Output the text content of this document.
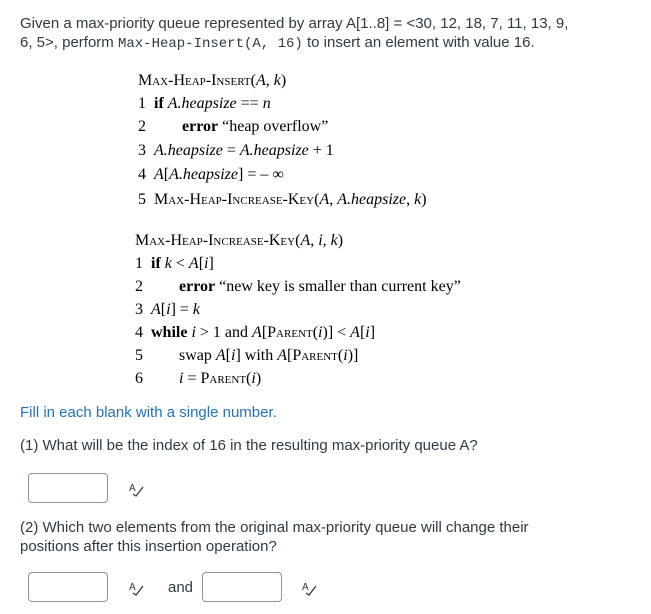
Given a max-priority queue represented by array A[1..8] = <30, 12, 18, 7, 11, 13, 9,
6, 5>, perform Max-Heap-Insert(A, 16) to insert an element with value 16.
Max-Heap-Insert(A, k)
1 if A.heapsize == n
2 error “heap overflow”
3 A.heapsize = A.heapsize + 1
4 A[A.heapsize] = – ∞
5 Max-Heap-Increase-Key(A, A.heapsize, k)
Max-Heap-Increase-Key(A, i, k)
1 if k < A[i]
2 error “new key is smaller than current key”
3 A[i] = k
4 while i > 1 and A[Parent(i)] < A[i]
5 swap A[i] with A[Parent(i)]
6 i = Parent(i)
Fill in each blank with a single number.
(1) What will be the index of 16 in the resulting max-priority queue A?
A
(2) Which two elements from the original max-priority queue will change their
positions after this insertion operation?
A and	A
